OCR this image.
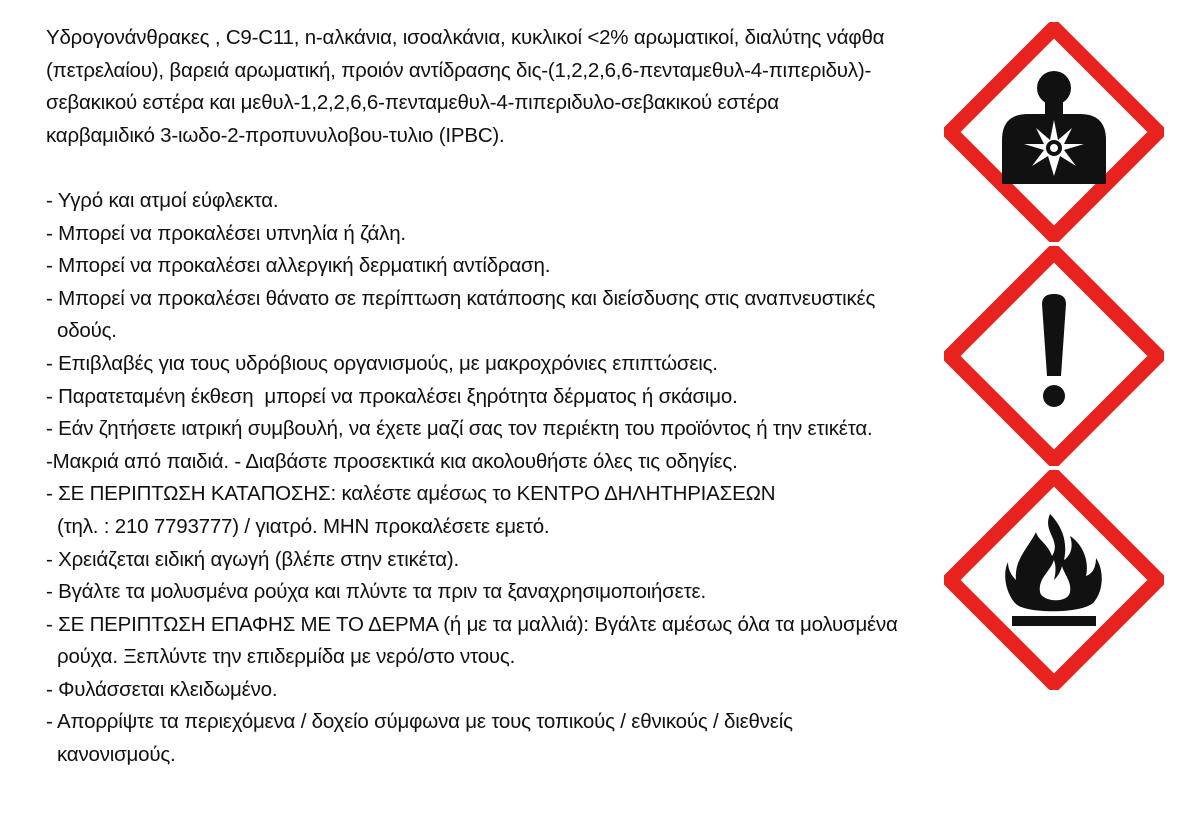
Υδρογονάνθρακες , C9-C11, n-αλκάνια, ισοαλκάνια, κυκλικοί <2% αρωματικοί, διαλύτης νάφθα
(πετρελαίου), βαρειά αρωματική, προιόν αντίδρασης δις-(1,2,2,6,6-πενταμεθυλ-4-πιπεριδυλ)-
σεβακικού εστέρα και μεθυλ-1,2,2,6,6-πενταμεθυλ-4-πιπεριδυλο-σεβακικού εστέρα
καρβαμιδικό 3-ιωδο-2-προπυνυλοβου-τυλιο (IPBC).
- Υγρό και ατμοί εύφλεκτα.
- Μπορεί να προκαλέσει υπνηλία ή ζάλη.
- Μπορεί να προκαλέσει αλλεργική δερματική αντίδραση.
- Μπορεί να προκαλέσει θάνατο σε περίπτωση κατάποσης και διείσδυσης στις αναπνευστικές
οδούς.
- Επιβλαβές για τους υδρόβιους οργανισμούς, με μακροχρόνιες επιπτώσεις.
- Παρατεταμένη έκθεση  μπορεί να προκαλέσει ξηρότητα δέρματος ή σκάσιμο.
- Εάν ζητήσετε ιατρική συμβουλή, να έχετε μαζί σας τον περιέκτη του προϊόντος ή την ετικέτα.
-Μακριά από παιδιά. - Διαβάστε προσεκτικά κια ακολουθήστε όλες τις οδηγίες.
- ΣΕ ΠΕΡΙΠΤΩΣΗ ΚΑΤΑΠΟΣΗΣ: καλέστε αμέσως το ΚΕΝΤΡΟ ΔΗΛΗΤΗΡΙΑΣΕΩΝ
(τηλ. : 210 7793777) / γιατρό. ΜΗΝ προκαλέσετε εμετό.
- Χρειάζεται ειδική αγωγή (βλέπε στην ετικέτα).
- Βγάλτε τα μολυσμένα ρούχα και πλύντε τα πριν τα ξαναχρησιμοποιήσετε.
- ΣΕ ΠΕΡΙΠΤΩΣΗ ΕΠΑΦΗΣ ΜΕ ΤΟ ΔΕΡΜΑ (ή με τα μαλλιά): Βγάλτε αμέσως όλα τα μολυσμένα
ρούχα. Ξεπλύντε την επιδερμίδα με νερό/στο ντους.
- Φυλάσσεται κλειδωμένο.
- Απορρίψτε τα περιεχόμενα / δοχείο σύμφωνα με τους τοπικούς / εθνικούς / διεθνείς
κανονισμούς.
